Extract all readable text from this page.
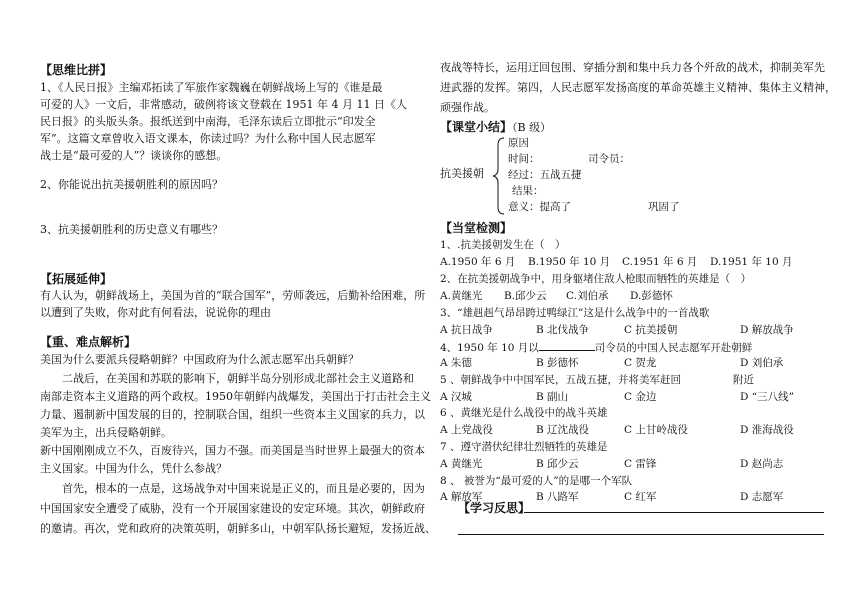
【思维比拼】
1、《人民日报》主编邓拓读了军旅作家魏巍在朝鲜战场上写的《谁是最
可爱的人》一文后，非常感动，破例将该文登载在 1951 年 4 月 11 日《人
民日报》的头版头条。报纸送到中南海，毛泽东读后立即批示“印发全
军”。这篇文章曾收入语文课本，你读过吗？为什么称中国人民志愿军
战士是“最可爱的人”？谈谈你的感想。
2、你能说出抗美援朝胜利的原因吗？
3、抗美援朝胜利的历史意义有哪些？
【拓展延伸】
有人认为，朝鲜战场上，美国为首的“联合国军”，劳师袭远，后勤补给困难，所
以遭到了失败，你对此有何看法，说说你的理由
【重、难点解析】
美国为什么要派兵侵略朝鲜？中国政府为什么派志愿军出兵朝鲜？
　　二战后，在美国和苏联的影响下，朝鲜半岛分别形成北部社会主义道路和
南部走资本主义道路的两个政权。1950年朝鲜内战爆发，美国出于打击社会主义
力量、遏制新中国发展的目的，控制联合国，组织一些资本主义国家的兵力，以
美军为主，出兵侵略朝鲜。
新中国刚刚成立不久，百废待兴，国力不强。而美国是当时世界上最强大的资本
主义国家。中国为什么，凭什么参战？
　　首先，根本的一点是，这场战争对中国来说是正义的，而且是必要的，因为
中国国家安全遭受了威胁，没有一个开展国家建设的安定环境。其次，朝鲜政府
的邀请。再次，党和政府的决策英明，朝鲜多山，中朝军队扬长避短，发扬近战、
夜战等特长，运用迂回包围、穿插分割和集中兵力各个歼敌的战术，抑制美军先
进武器的发挥。第四，人民志愿军发扬高度的革命英雄主义精神、集体主义精神，
顽强作战。
【课堂小结】（B 级）
抗美援朝
原因
时间：	司令员：
经过：五战五捷
结果：
意义：提高了	巩固了
【当堂检测】
1、.抗美援朝发生在（　）
A.1950 年 6 月 B.1950 年 10 月 C.1951 年 6 月 D.1951 年 10 月
2、在抗美援朝战争中，用身躯堵住敌人枪眼而牺牲的英雄是（　）
A.黄继光 B.邱少云 C.刘伯承 D.彭德怀
3、“雄赳赳气昂昂跨过鸭绿江”这是什么战争中的一首战歌
A 抗日战争	B 北伐战争	C 抗美援朝	D 解放战争
4、1950 年 10 月以	司令员的中国人民志愿军开赴朝鲜
A 朱德	B 彭德怀	C 贺龙	D 刘伯承
5 、朝鲜战争中中国军民，五战五捷，并将美军赶回	附近
A 汉城	B 副山	C 金边	D “三八线”
6 、黄继光是什么战役中的战斗英雄
A 上党战役	B 辽沈战役	C 上甘岭战役	D 淮海战役
7 、遵守潜伏纪律壮烈牺牲的英雄是
A 黄继光	B 邱少云	C 雷锋	D 赵尚志
8 、 被誉为“最可爱的人”的是哪一个军队
A 解放军	B 八路军	C 红军	D 志愿军
【学习反思】
